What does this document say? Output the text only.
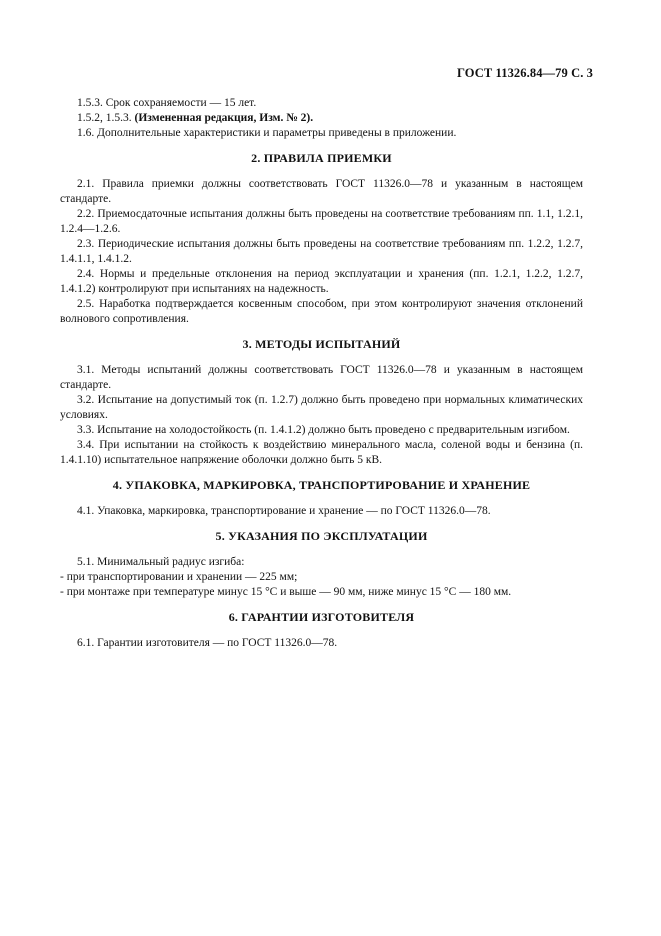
ГОСТ 11326.84—79 С. 3

1.5.3. Срок сохраняемости — 15 лет.

1.5.2, 1.5.3. (Измененная редакция, Изм. № 2).

1.6. Дополнительные характеристики и параметры приведены в приложении.

2. ПРАВИЛА ПРИЕМКИ

2.1. Правила приемки должны соответствовать ГОСТ 11326.0—78 и указанным в настоящем стандарте.

2.2. Приемосдаточные испытания должны быть проведены на соответствие требованиям пп. 1.1, 1.2.1, 1.2.4—1.2.6.

2.3. Периодические испытания должны быть проведены на соответствие требованиям пп. 1.2.2, 1.2.7, 1.4.1.1, 1.4.1.2.

2.4. Нормы и предельные отклонения на период эксплуатации и хранения (пп. 1.2.1, 1.2.2, 1.2.7, 1.4.1.2) контролируют при испытаниях на надежность.

2.5. Наработка подтверждается косвенным способом, при этом контролируют значения отклонений волнового сопротивления.

3. МЕТОДЫ ИСПЫТАНИЙ

3.1. Методы испытаний должны соответствовать ГОСТ 11326.0—78 и указанным в настоящем стандарте.

3.2. Испытание на допустимый ток (п. 1.2.7) должно быть проведено при нормальных климатических условиях.

3.3. Испытание на холодостойкость (п. 1.4.1.2) должно быть проведено с предварительным изгибом.

3.4. При испытании на стойкость к воздействию минерального масла, соленой воды и бензина (п. 1.4.1.10) испытательное напряжение оболочки должно быть 5 кВ.

4. УПАКОВКА, МАРКИРОВКА, ТРАНСПОРТИРОВАНИЕ И ХРАНЕНИЕ

4.1. Упаковка, маркировка, транспортирование и хранение — по ГОСТ 11326.0—78.

5. УКАЗАНИЯ ПО ЭКСПЛУАТАЦИИ

5.1. Минимальный радиус изгиба:

- при транспортировании и хранении — 225 мм;

- при монтаже при температуре минус 15 °С и выше — 90 мм, ниже минус 15 °С — 180 мм.

6. ГАРАНТИИ ИЗГОТОВИТЕЛЯ

6.1. Гарантии изготовителя — по ГОСТ 11326.0—78.
